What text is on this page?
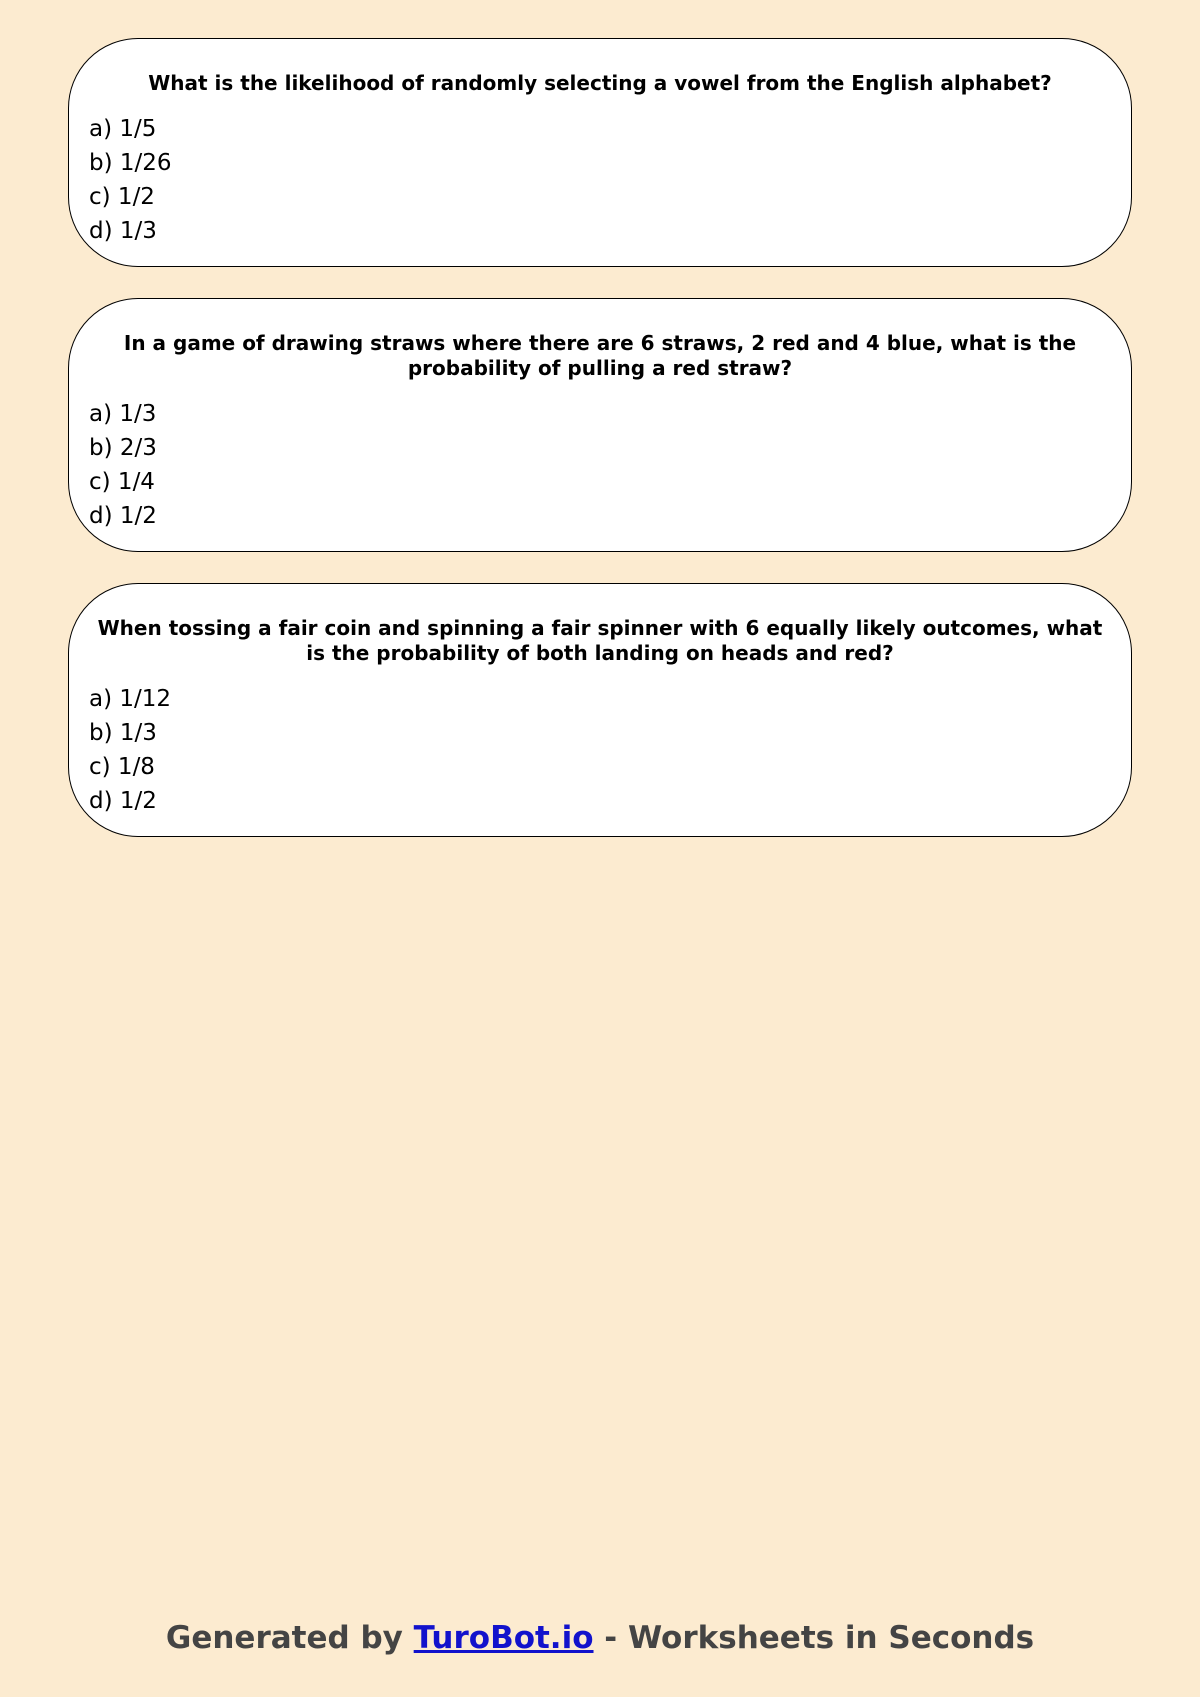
What is the likelihood of randomly selecting a vowel from the English alphabet?

a) 1/5
b) 1/26
c) 1/2
d) 1/3

In a game of drawing straws where there are 6 straws, 2 red and 4 blue, what is the probability of pulling a red straw?

a) 1/3
b) 2/3
c) 1/4
d) 1/2

When tossing a fair coin and spinning a fair spinner with 6 equally likely outcomes, what is the probability of both landing on heads and red?

a) 1/12
b) 1/3
c) 1/8
d) 1/2
Generated by TuroBot.io - Worksheets in Seconds
